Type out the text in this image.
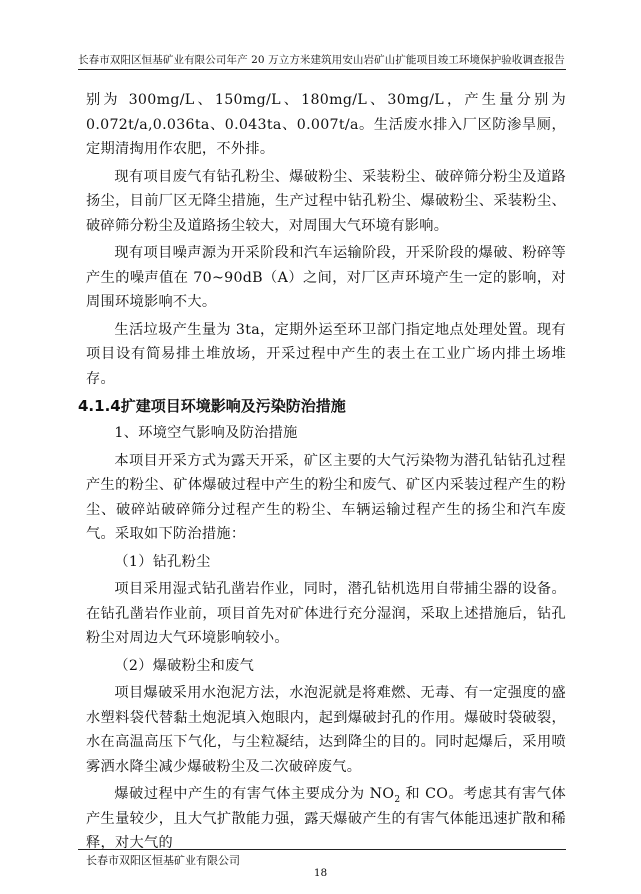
长春市双阳区恒基矿业有限公司年产 20 万立方米建筑用安山岩矿山扩能项目竣工环境保护验收调查报告

别为 300mg/L、150mg/L、180mg/L、30mg/L，产生量分别为 0.072t/a,0.036ta、0.043ta、0.007t/a。生活废水排入厂区防渗旱厕，定期清掏用作农肥，不外排。

现有项目废气有钻孔粉尘、爆破粉尘、采装粉尘、破碎筛分粉尘及道路扬尘，目前厂区无降尘措施，生产过程中钻孔粉尘、爆破粉尘、采装粉尘、破碎筛分粉尘及道路扬尘较大，对周围大气环境有影响。

现有项目噪声源为开采阶段和汽车运输阶段，开采阶段的爆破、粉碎等产生的噪声值在 70~90dB（A）之间，对厂区声环境产生一定的影响，对周围环境影响不大。

生活垃圾产生量为 3ta，定期外运至环卫部门指定地点处理处置。现有项目设有简易排土堆放场，开采过程中产生的表土在工业广场内排土场堆存。

4.1.4扩建项目环境影响及污染防治措施

1、环境空气影响及防治措施

本项目开采方式为露天开采，矿区主要的大气污染物为潜孔钻钻孔过程产生的粉尘、矿体爆破过程中产生的粉尘和废气、矿区内采装过程产生的粉尘、破碎站破碎筛分过程产生的粉尘、车辆运输过程产生的扬尘和汽车废气。采取如下防治措施：

（1）钻孔粉尘

项目采用湿式钻孔凿岩作业，同时，潜孔钻机选用自带捕尘器的设备。在钻孔凿岩作业前，项目首先对矿体进行充分湿润，采取上述措施后，钻孔粉尘对周边大气环境影响较小。

（2）爆破粉尘和废气

项目爆破采用水泡泥方法，水泡泥就是将难燃、无毒、有一定强度的盛水塑料袋代替黏土炮泥填入炮眼内，起到爆破封孔的作用。爆破时袋破裂，水在高温高压下气化，与尘粒凝结，达到降尘的目的。同时起爆后，采用喷雾洒水降尘减少爆破粉尘及二次破碎废气。

爆破过程中产生的有害气体主要成分为 $NO_2$ 和 CO。考虑其有害气体产生量较少，且大气扩散能力强，露天爆破产生的有害气体能迅速扩散和稀释，对大气的

长春市双阳区恒基矿业有限公司
18
